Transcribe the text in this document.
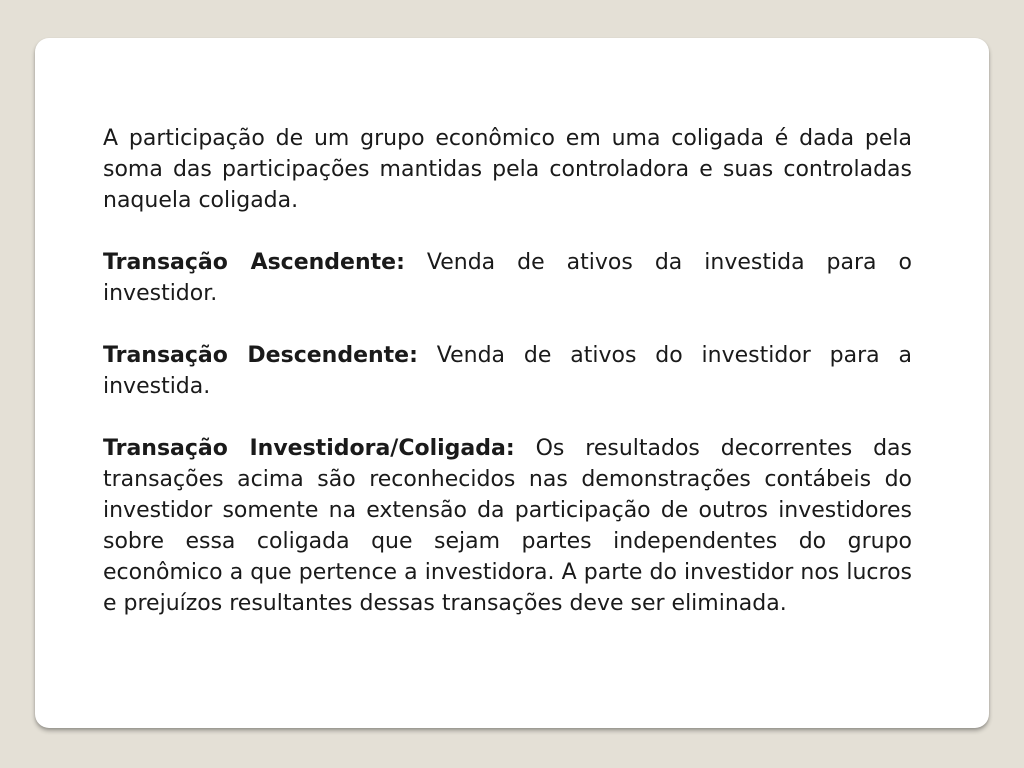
A participação de um grupo econômico em uma coligada é dada pela soma das participações mantidas pela controladora e suas controladas naquela coligada.

Transação Ascendente: Venda de ativos da investida para o investidor.

Transação Descendente: Venda de ativos do investidor para a investida.

Transação Investidora/Coligada: Os resultados decorrentes das transações acima são reconhecidos nas demonstrações contábeis do investidor somente na extensão da participação de outros investidores sobre essa coligada que sejam partes independentes do grupo econômico a que pertence a investidora. A parte do investidor nos lucros e prejuízos resultantes dessas transações deve ser eliminada.
